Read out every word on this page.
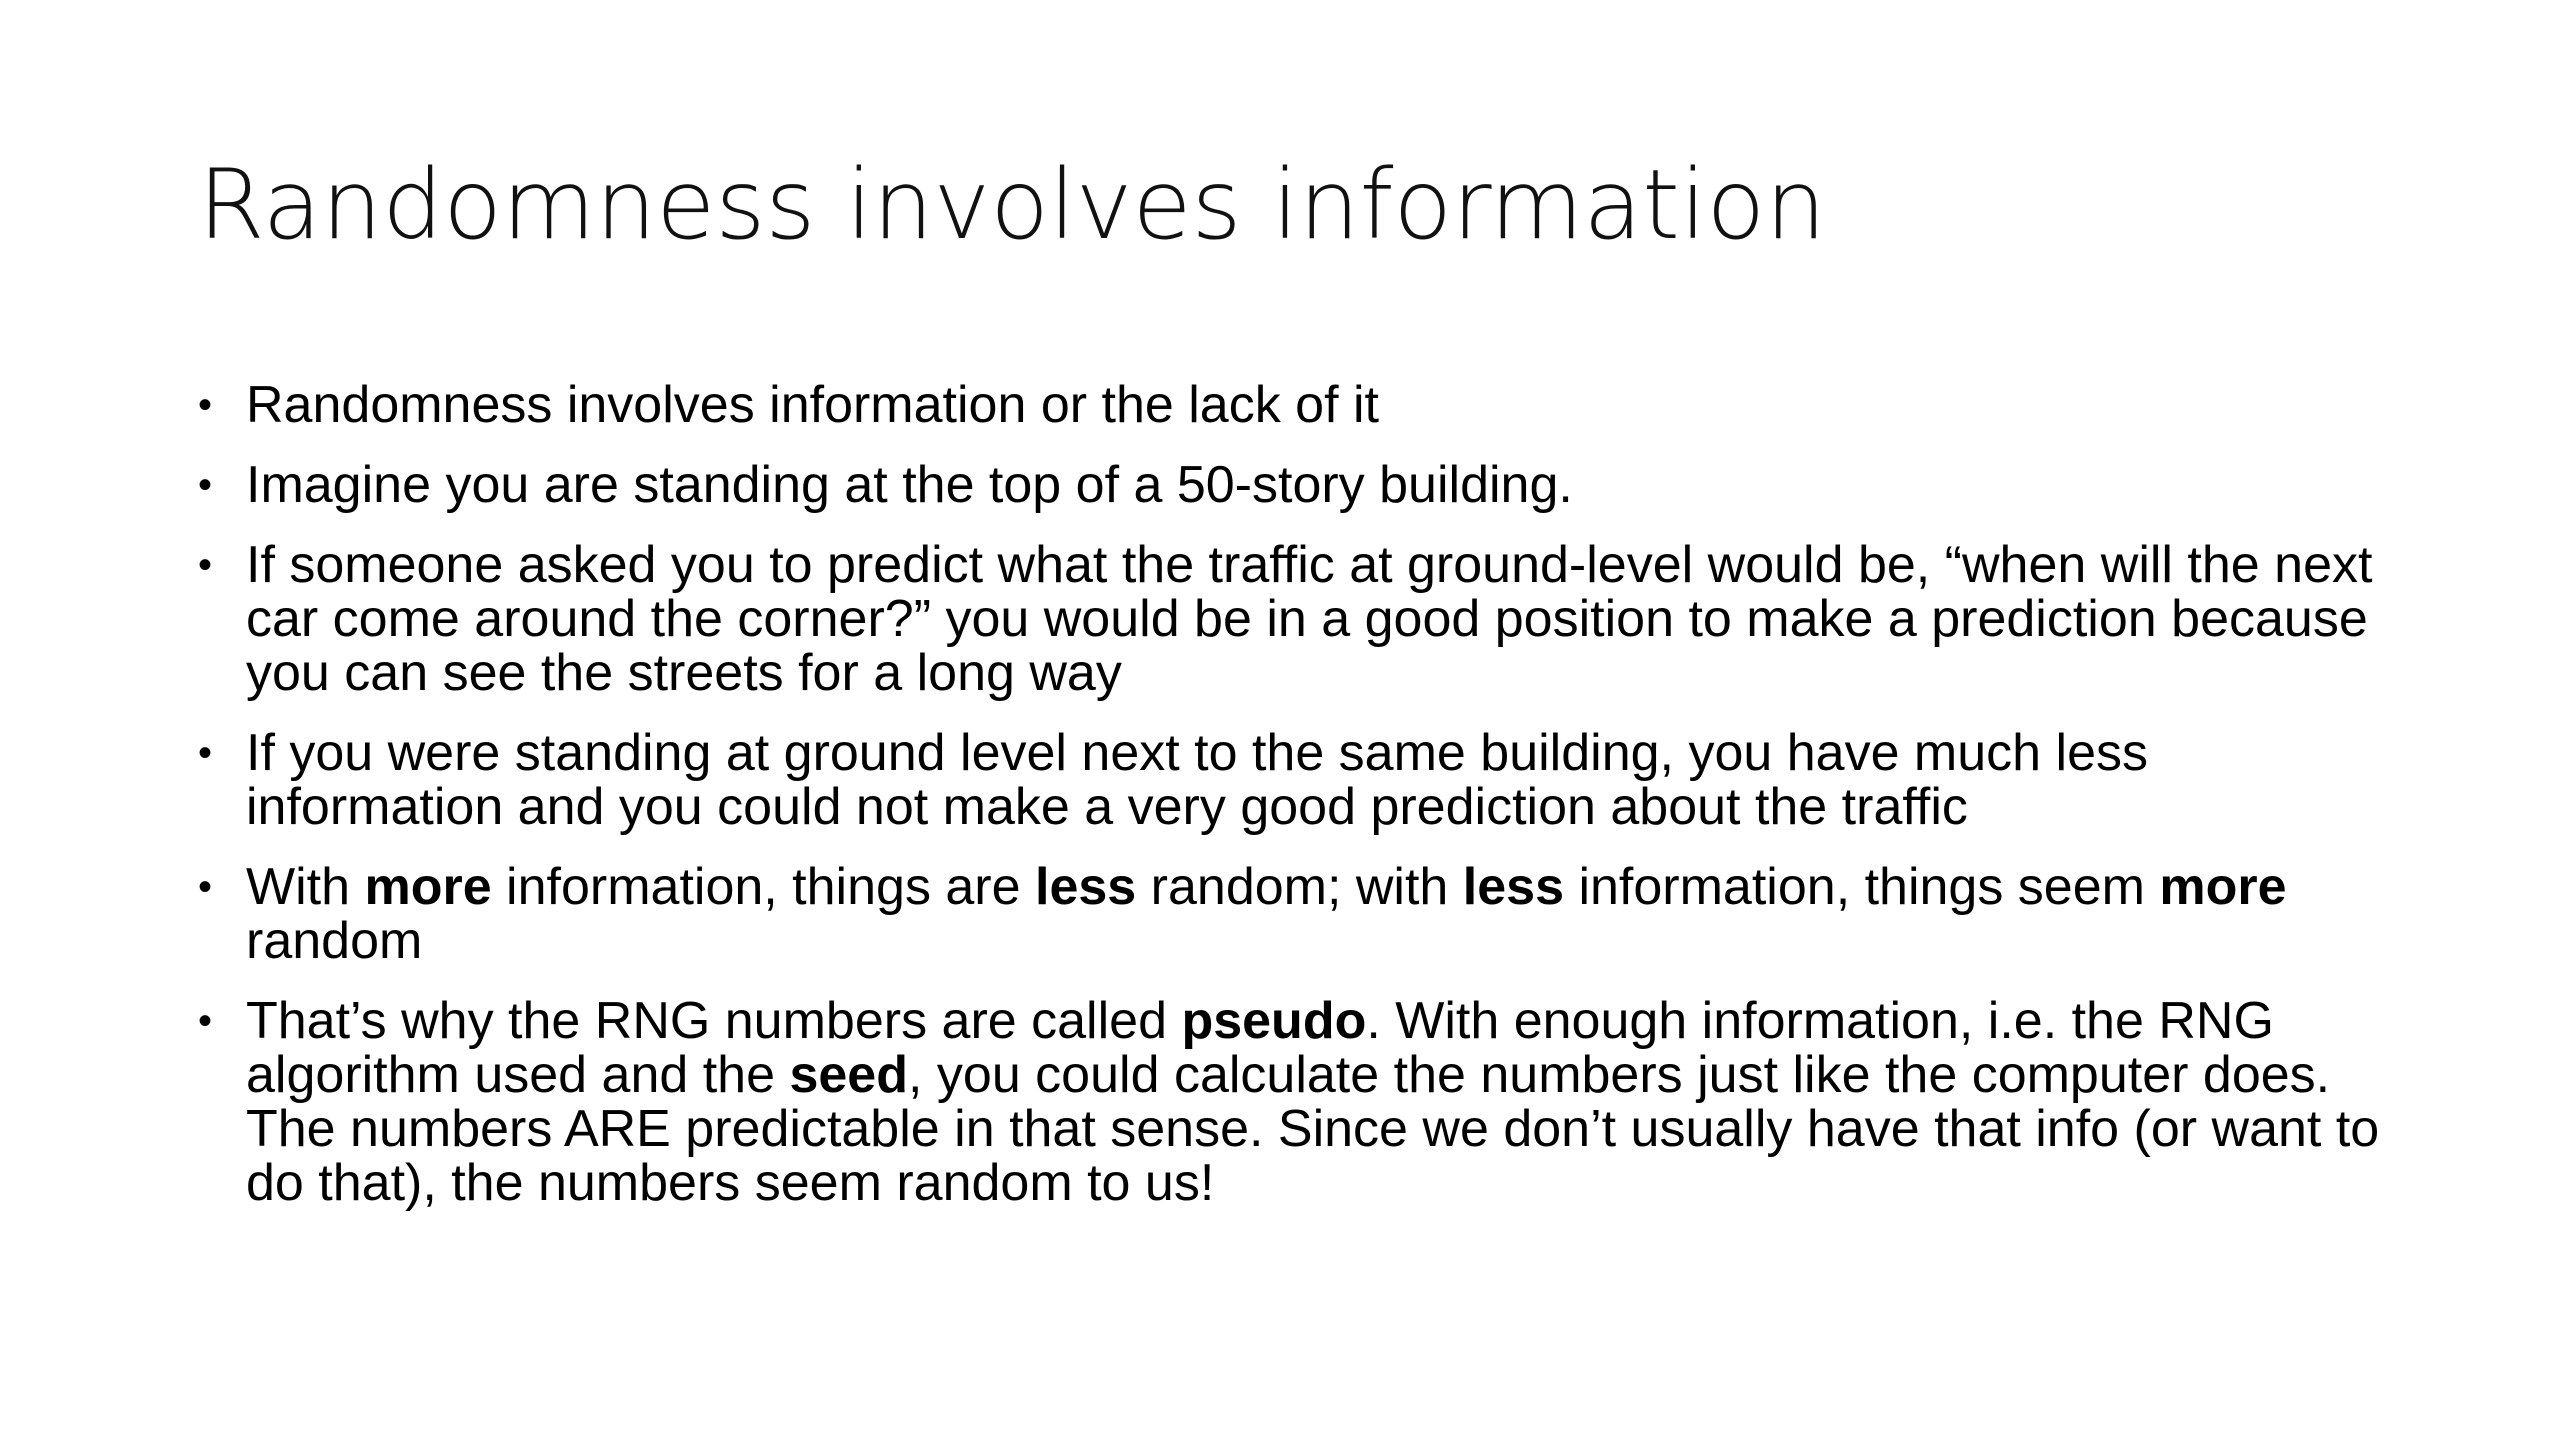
Randomness involves information
• Randomness involves information or the lack of it
• Imagine you are standing at the top of a 50-story building.
• If someone asked you to predict what the traffic at ground-level would be, “when will the next car come around the corner?” you would be in a good position to make a prediction because you can see the streets for a long way
• If you were standing at ground level next to the same building, you have much less information and you could not make a very good prediction about the traffic
• With more information, things are less random; with less information, things seem more random
• That’s why the RNG numbers are called pseudo. With enough information, i.e. the RNG algorithm used and the seed, you could calculate the numbers just like the computer does. The numbers ARE predictable in that sense. Since we don’t usually have that info (or want to do that), the numbers seem random to us!
